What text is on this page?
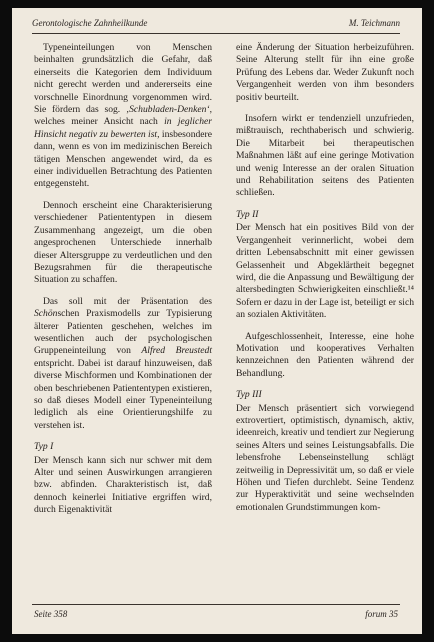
Gerontologische Zahnheilkunde	M. Teichmann

Typeneinteilungen von Menschen beinhalten grundsätzlich die Gefahr, daß einerseits die Kategorien dem Individuum nicht gerecht werden und andererseits eine vorschnelle Einordnung vorgenommen wird. Sie fördern das sog. ‚Schubladen-Denken‘, welches meiner Ansicht nach in jeglicher Hinsicht negativ zu bewerten ist, insbesondere dann, wenn es von im medizinischen Bereich tätigen Menschen angewendet wird, da es einer individuellen Betrachtung des Patienten entgegensteht.

Dennoch erscheint eine Charakterisierung verschiedener Patiententypen in diesem Zusammenhang angezeigt, um die oben angesprochenen Unterschiede innerhalb dieser Altersgruppe zu verdeutlichen und den Bezugsrahmen für die therapeutische Situation zu schaffen.

Das soll mit der Präsentation des Schönschen Praxismodells zur Typisierung älterer Patienten geschehen, welches im wesentlichen auch der psychologischen Gruppeneinteilung von Alfred Breustedt entspricht. Dabei ist darauf hinzuweisen, daß diverse Mischformen und Kombinationen der oben beschriebenen Patiententypen existieren, so daß dieses Modell einer Typeneinteilung lediglich als eine Orientierungshilfe zu verstehen ist.

Typ I

Der Mensch kann sich nur schwer mit dem Alter und seinen Auswirkungen arrangieren bzw. abfinden. Charakteristisch ist, daß dennoch keinerlei Initiative ergriffen wird, durch Eigenaktivität

eine Änderung der Situation herbeizuführen. Seine Alterung stellt für ihn eine große Prüfung des Lebens dar. Weder Zukunft noch Vergangenheit werden von ihm besonders positiv beurteilt.

Insofern wirkt er tendenziell unzufrieden, mißtrauisch, rechthaberisch und schwierig. Die Mitarbeit bei therapeutischen Maßnahmen läßt auf eine geringe Motivation und wenig Interesse an der oralen Situation und Rehabilitation seitens des Patienten schließen.

Typ II

Der Mensch hat ein positives Bild von der Vergangenheit verinnerlicht, wobei dem dritten Lebensabschnitt mit einer gewissen Gelassenheit und Abgeklärtheit begegnet wird, die die Anpassung und Bewältigung der altersbedingten Schwierigkeiten einschließt.¹⁴ Sofern er dazu in der Lage ist, beteiligt er sich an sozialen Aktivitäten.

Aufgeschlossenheit, Interesse, eine hohe Motivation und kooperatives Verhalten kennzeichnen den Patienten während der Behandlung.

Typ III

Der Mensch präsentiert sich vorwiegend extrovertiert, optimistisch, dynamisch, aktiv, ideenreich, kreativ und tendiert zur Negierung seines Alters und seines Leistungsabfalls. Die lebensfrohe Lebenseinstellung schlägt zeitweilig in Depressivität um, so daß er viele Höhen und Tiefen durchlebt. Seine Tendenz zur Hyperaktivität und seine wechselnden emotionalen Grundstimmungen kom-

Seite 358	forum 35
